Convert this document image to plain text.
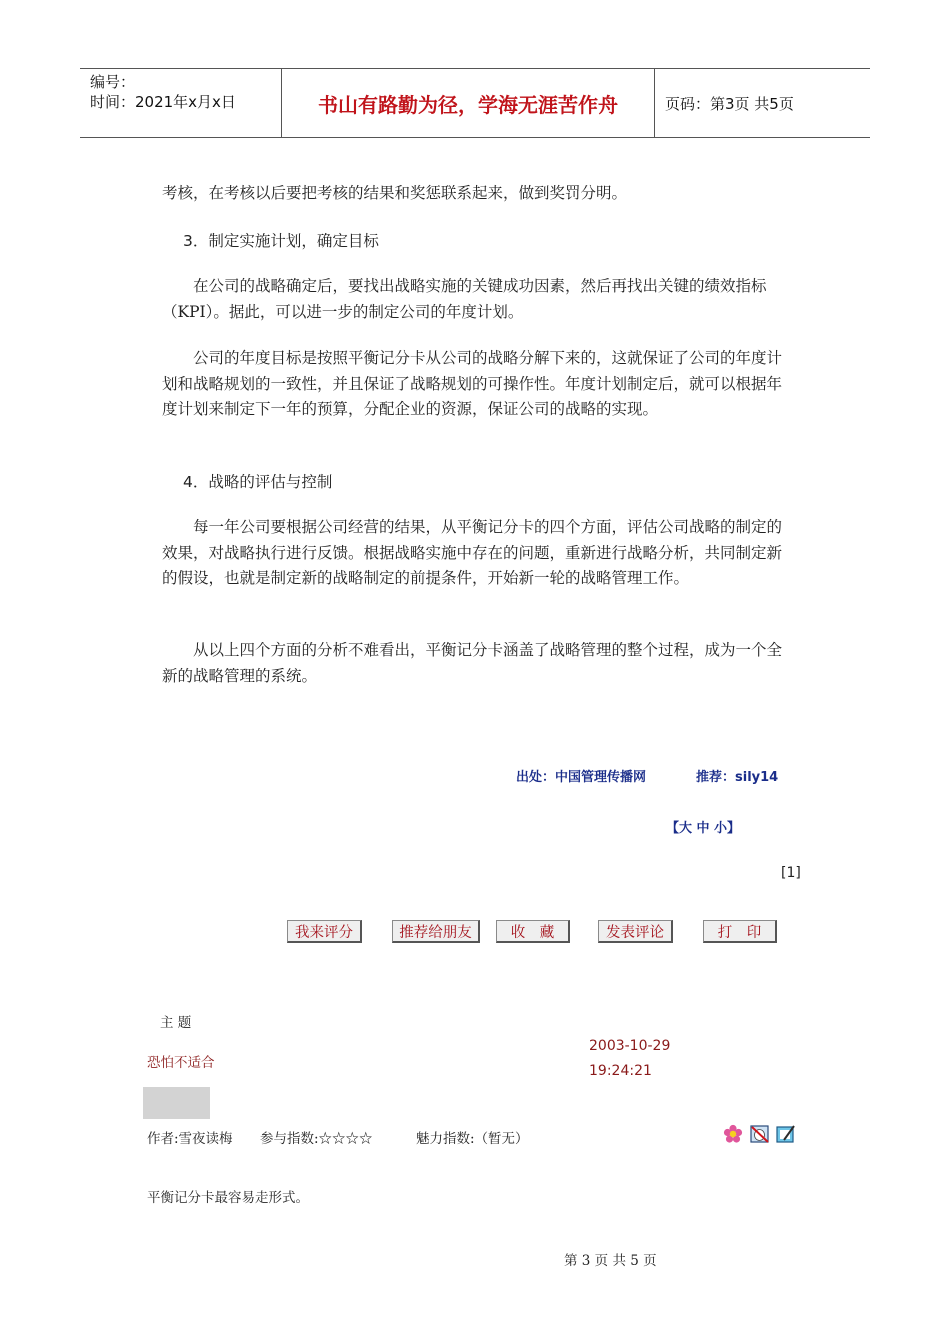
编号：
时间：2021年x月x日	书山有路勤为径，学海无涯苦作舟	页码：第3页 共5页

考核，在考核以后要把考核的结果和奖惩联系起来，做到奖罚分明。

3．制定实施计划，确定目标

在公司的战略确定后，要找出战略实施的关键成功因素，然后再找出关键的绩效指标（KPI）。据此，可以进一步的制定公司的年度计划。

公司的年度目标是按照平衡记分卡从公司的战略分解下来的，这就保证了公司的年度计划和战略规划的一致性，并且保证了战略规划的可操作性。年度计划制定后，就可以根据年度计划来制定下一年的预算，分配企业的资源，保证公司的战略的实现。

4．战略的评估与控制

每一年公司要根据公司经营的结果，从平衡记分卡的四个方面，评估公司战略的制定的效果，对战略执行进行反馈。根据战略实施中存在的问题，重新进行战略分析，共同制定新的假设，也就是制定新的战略制定的前提条件，开始新一轮的战略管理工作。

从以上四个方面的分析不难看出，平衡记分卡涵盖了战略管理的整个过程，成为一个全新的战略管理的系统。

出处：中国管理传播网	推荐：sily14
【大 中 小】
[1]
我来评分	推荐给朋友	收　藏	发表评论	打　印
主 题
恐怕不适合
2003-10-29
19:24:21
作者:雪夜读梅 参与指数:☆☆☆☆	魅力指数:（暂无）
平衡记分卡最容易走形式。
第 3 页 共 5 页
